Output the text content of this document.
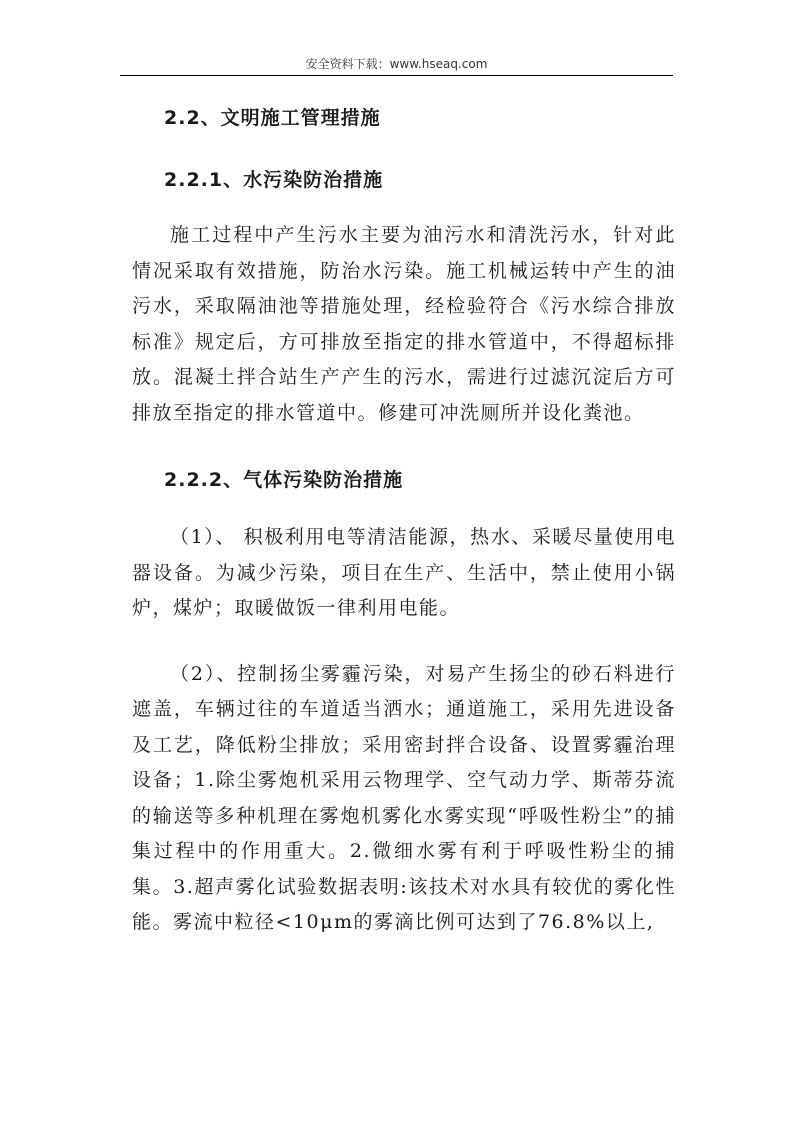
安全资料下载：www.hseaq.com
2.2、文明施工管理措施
2.2.1、水污染防治措施

施工过程中产生污水主要为油污水和清洗污水，针对此情况采取有效措施，防治水污染。施工机械运转中产生的油污水，采取隔油池等措施处理，经检验符合《污水综合排放标准》规定后，方可排放至指定的排水管道中，不得超标排放。混凝土拌合站生产产生的污水，需进行过滤沉淀后方可排放至指定的排水管道中。修建可冲洗厕所并设化粪池。

2.2.2、气体污染防治措施

（1）、 积极利用电等清洁能源，热水、采暖尽量使用电器设备。为减少污染，项目在生产、生活中，禁止使用小锅炉，煤炉；取暖做饭一律利用电能。

（2）、控制扬尘雾霾污染，对易产生扬尘的砂石料进行遮盖，车辆过往的车道适当洒水；通道施工，采用先进设备及工艺，降低粉尘排放；采用密封拌合设备、设置雾霾治理设备；1.除尘雾炮机采用云物理学、空气动力学、斯蒂芬流的输送等多种机理在雾炮机雾化水雾实现“呼吸性粉尘”的捕集过程中的作用重大。2.微细水雾有利于呼吸性粉尘的捕集。3.超声雾化试验数据表明:该技术对水具有较优的雾化性能。雾流中粒径<10μm的雾滴比例可达到了76.8%以上,
